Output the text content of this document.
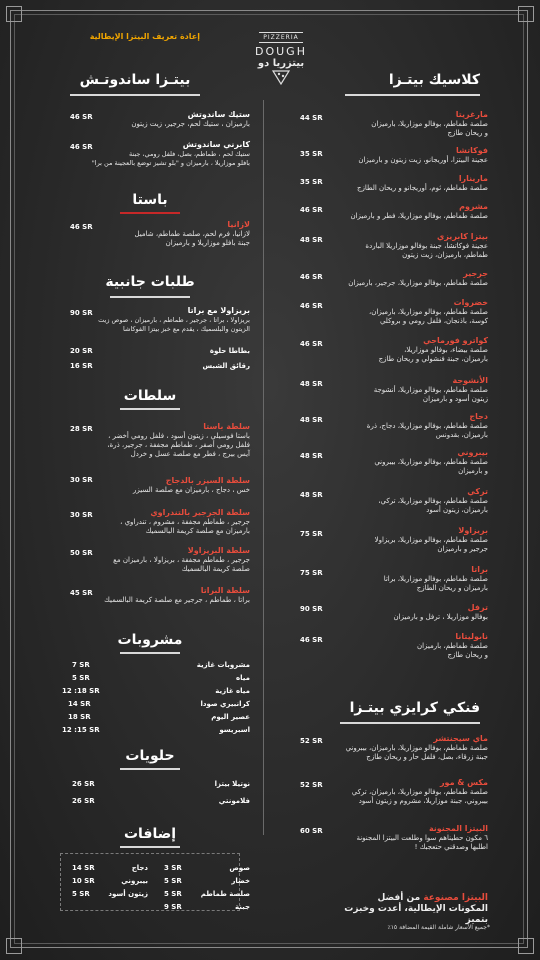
إعادة تعريف البيتزا الإيطالية	PIZZERIA
DOUGH
بيتزريا دو
كلاسيك بيتـزا
بيتـزا ساندوتـش
باستا
طلبات جانبية
سلطات
مشروبات
حلويات
إضافات
فنكي كرايزي بيتـزا
مارغريتا
صلصة طماطم، بوفالو موزاريلا، بارميزان
و ريحان طازج
44 SR
فوكاتشا
عجينة البيتزا، أوريجانو، زيت زيتون و بارميزان
35 SR
مارينارا
صلصة طماطم، ثوم، أوريجانو و ريحان الطازج
35 SR
مشروم
صلصة طماطم، بوفالو موزاريلا، فطر و بارميزان
46 SR
بيتزا كابريزي
عجينة فوكاتشا، جبنة بوفالو موزاريلا الباردة
طماطم، بارميزان، زيت زيتون
48 SR
جرجير
صلصة طماطم، بوفالو موزاريلا، جرجير، بارميزان
46 SR
خضروات
صلصة طماطم، بوفالو موزاريلا، بارميزان،
كوسة، باذنجان، فلفل رومي و بروكلي
46 SR
كواترو فورماجي
صلصة بيضاء، بوفالو موزاريلا،
بارميزان، جبنة فنشولي و ريحان طازج
46 SR
الأنشوجة
صلصة طماطم، بوفالو موزاريلا، أنشوجة
زيتون أسود و بارميزان
48 SR
دجاج
صلصة طماطم، بوفالو موزاريلا، دجاج، ذرة
بارميزان، بقدونس
48 SR
بيبروني
صلصة طماطم، بوفالو موزاريلا، بيبروني
و بارميزان
48 SR
تركي
صلصة طماطم، بوفالو موزاريلا، تركي،
بارميزان، زيتون أسود
48 SR
بريزاولا
صلصة طماطم، بوفالو موزاريلا، بريزاولا
جرجير و بارميزان
75 SR
براتا
صلصة طماطم، بوفالو موزاريلا، براتا
بارميزان و ريحان الطازج
75 SR
ترفل
بوفالو موزاريلا ، ترفل و بارميزان
90 SR
نابوليتانا
صلصة طماطم، بارميزان
و ريحان طازج
46 SR
ماي سيجنتشر
صلصة طماطم، بوفالو موزاريلا، بارميزان، بيبروني
جبنة زرقاء، بصل، فلفل حار و ريحان طازج
52 SR
مكس & مور
صلصة طماطم، بوفالو موزاريلا، بارميزان، تركي
بيبروني، جبنة موزاريلا، مشروم و زيتون أسود
52 SR
البيتزا المجنونة
٦ مكون حطيناهم سوا وطلعت البيتزا المجنونة
اطلبها وصدقني حتعجبك !
60 SR
ستيك ساندوتش
بارميزان ، ستيك لحم، جرجير، زيت زيتون
46 SR
كابرني ساندوتش
ستيك لحم ، طماطم، بصل، فلفل رومي، جبنة
بافلو موزاريلا ، بارميزان و "بلو تشيز توضع بالعجينة من برا"
46 SR
لازانيا
لازانيا، فرم لحم، صلصة طماطم، شاميل
جبنة بافلو موزاريلا و بارميزان
46 SR
بريزاولا مع براتا
بريزاولا ، براتا ، جرجير ، طماطم ، بارميزان ، صوص زيت
الزيتون والبلسميك ، يقدم مع خبز بيتزا الفوكاشا
90 SR
بطاطا حلوة
20 SR
رقائق الشبس
16 SR
سلطة باستا
باستا فوسيلي ، زيتون أسود ، فلفل رومي أخضر ،
فلفل رومي أصفر ، طماطم مجففة ، جرجير، ذرة،
آيس بيرج ، فطر مع صلصة عسل و خردل
28 SR
سلطة السيزر بالدجاج
خس ، دجاج ، بارميزان مع صلصة السيزر
30 SR
سلطة الجرجير بالتندراوي
جرجير ، طماطم مجففة ، مشروم ، تندراوي ،
بارميزان مع صلصة كريمة البالسميك
30 SR
سلطة البريزاولا
جرجير ، طماطم مجففة ، بريزاولا ، بارميزان مع
صلصة كريمة البالسميك
50 SR
سلطة البراتا
براتا ، طماطم ، جرجير مع صلصة كريمة البالسميك
45 SR
مشروبات غازية
7 SR
مياه
5 SR
مياه غازية
12 :18 SR
كرانبيري صودا
14 SR
عصير اليوم
18 SR
اسبريسو
12 :15 SR
نوتيلا بيتزا
26 SR
فلامونتي
26 SR
صوص
3 SR
خضار
5 SR
صلصة طماطم
5 SR
جبنة
9 SR
دجاج
14 SR
بيبروني
10 SR
زيتون أسود
5 SR	البيتزا مصنوعة من أفضل المكونات الإيطالية، أعدت وخبزت بتميز
*جميع الأسعار شاملة القيمة المضافة ١٥٪
